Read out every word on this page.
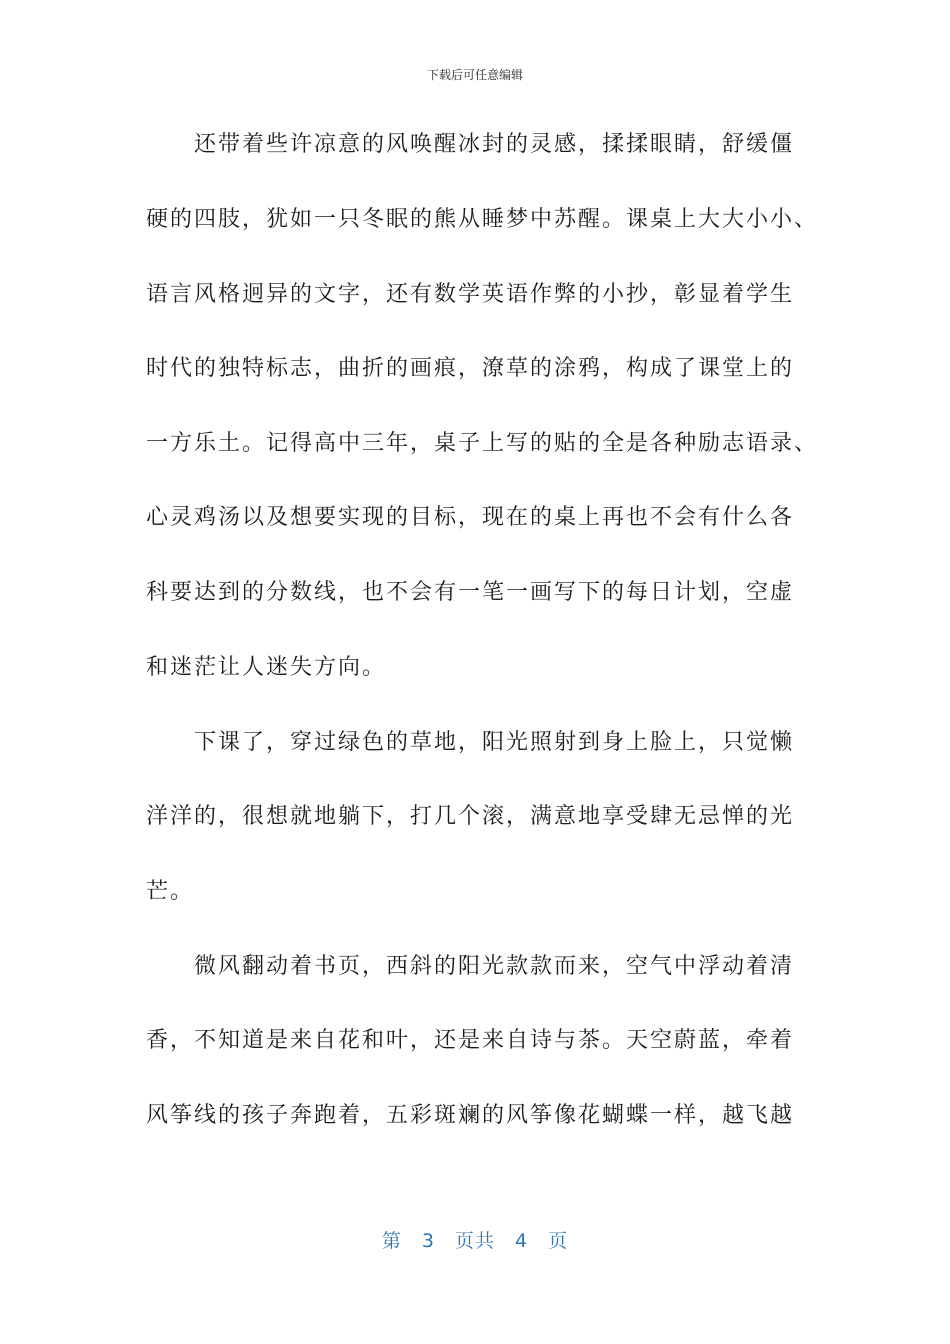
下载后可任意编辑
　　还带着些许凉意的风唤醒冰封的灵感，揉揉眼睛，舒缓僵
硬的四肢，犹如一只冬眠的熊从睡梦中苏醒。课桌上大大小小、
语言风格迥异的文字，还有数学英语作弊的小抄，彰显着学生
时代的独特标志，曲折的画痕，潦草的涂鸦，构成了课堂上的
一方乐土。记得高中三年，桌子上写的贴的全是各种励志语录、
心灵鸡汤以及想要实现的目标，现在的桌上再也不会有什么各
科要达到的分数线，也不会有一笔一画写下的每日计划，空虚
和迷茫让人迷失方向。
　　下课了，穿过绿色的草地，阳光照射到身上脸上，只觉懒
洋洋的，很想就地躺下，打几个滚，满意地享受肆无忌惮的光
芒。
　　微风翻动着书页，西斜的阳光款款而来，空气中浮动着清
香，不知道是来自花和叶，还是来自诗与茶。天空蔚蓝，牵着
风筝线的孩子奔跑着，五彩斑斓的风筝像花蝴蝶一样，越飞越
第　3　页共　4　页
